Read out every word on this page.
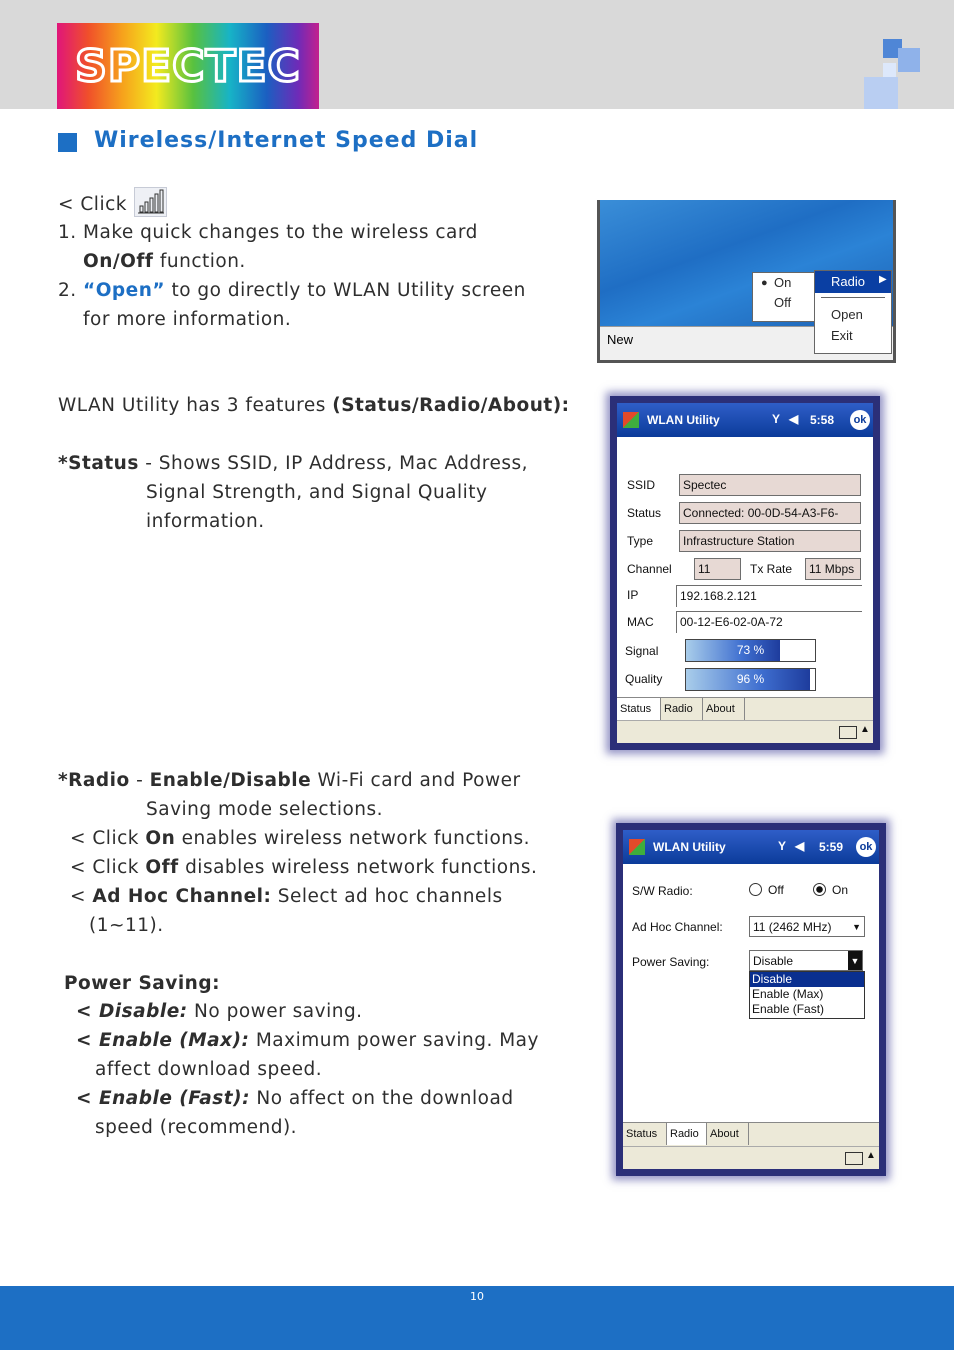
SPECTEC
Wireless/Internet Speed Dial
< Click
1. Make quick changes to the wireless card
On/Off function.
2. “Open” to go directly to WLAN Utility screen
for more information.
WLAN Utility has 3 features (Status/Radio/About):
*Status - Shows SSID, IP Address, Mac Address,
Signal Strength, and Signal Quality
information.
*Radio - Enable/Disable Wi-Fi card and Power
Saving mode selections.
< Click On enables wireless network functions.
< Click Off disables wireless network functions.
< Ad Hoc Channel: Select ad hoc channels
(1~11).
Power Saving:
< Disable: No power saving.
< Enable (Max): Maximum power saving. May
affect download speed.
< Enable (Fast): No affect on the download
speed (recommend).
New
● On
Off
Radio ▶
Open
Exit
WLAN Utility	Y ◀ 5:58	ok
SSID	Spectec
Status	Connected: 00-0D-54-A3-F6-
Type	Infrastructure Station
Channel	11	Tx Rate	11 Mbps
IP	192.168.2.121
MAC	00-12-E6-02-0A-72
Signal	73 %
Quality	96 %
Status	Radio	About
▲
WLAN Utility	Y ◀ 5:59	ok
S/W Radio:	Off	On
Ad Hoc Channel:	11 (2462 MHz) ▼
Power Saving:	Disable	▼
Disable
Enable (Max)
Enable (Fast)
Status	Radio	About
▲
10
